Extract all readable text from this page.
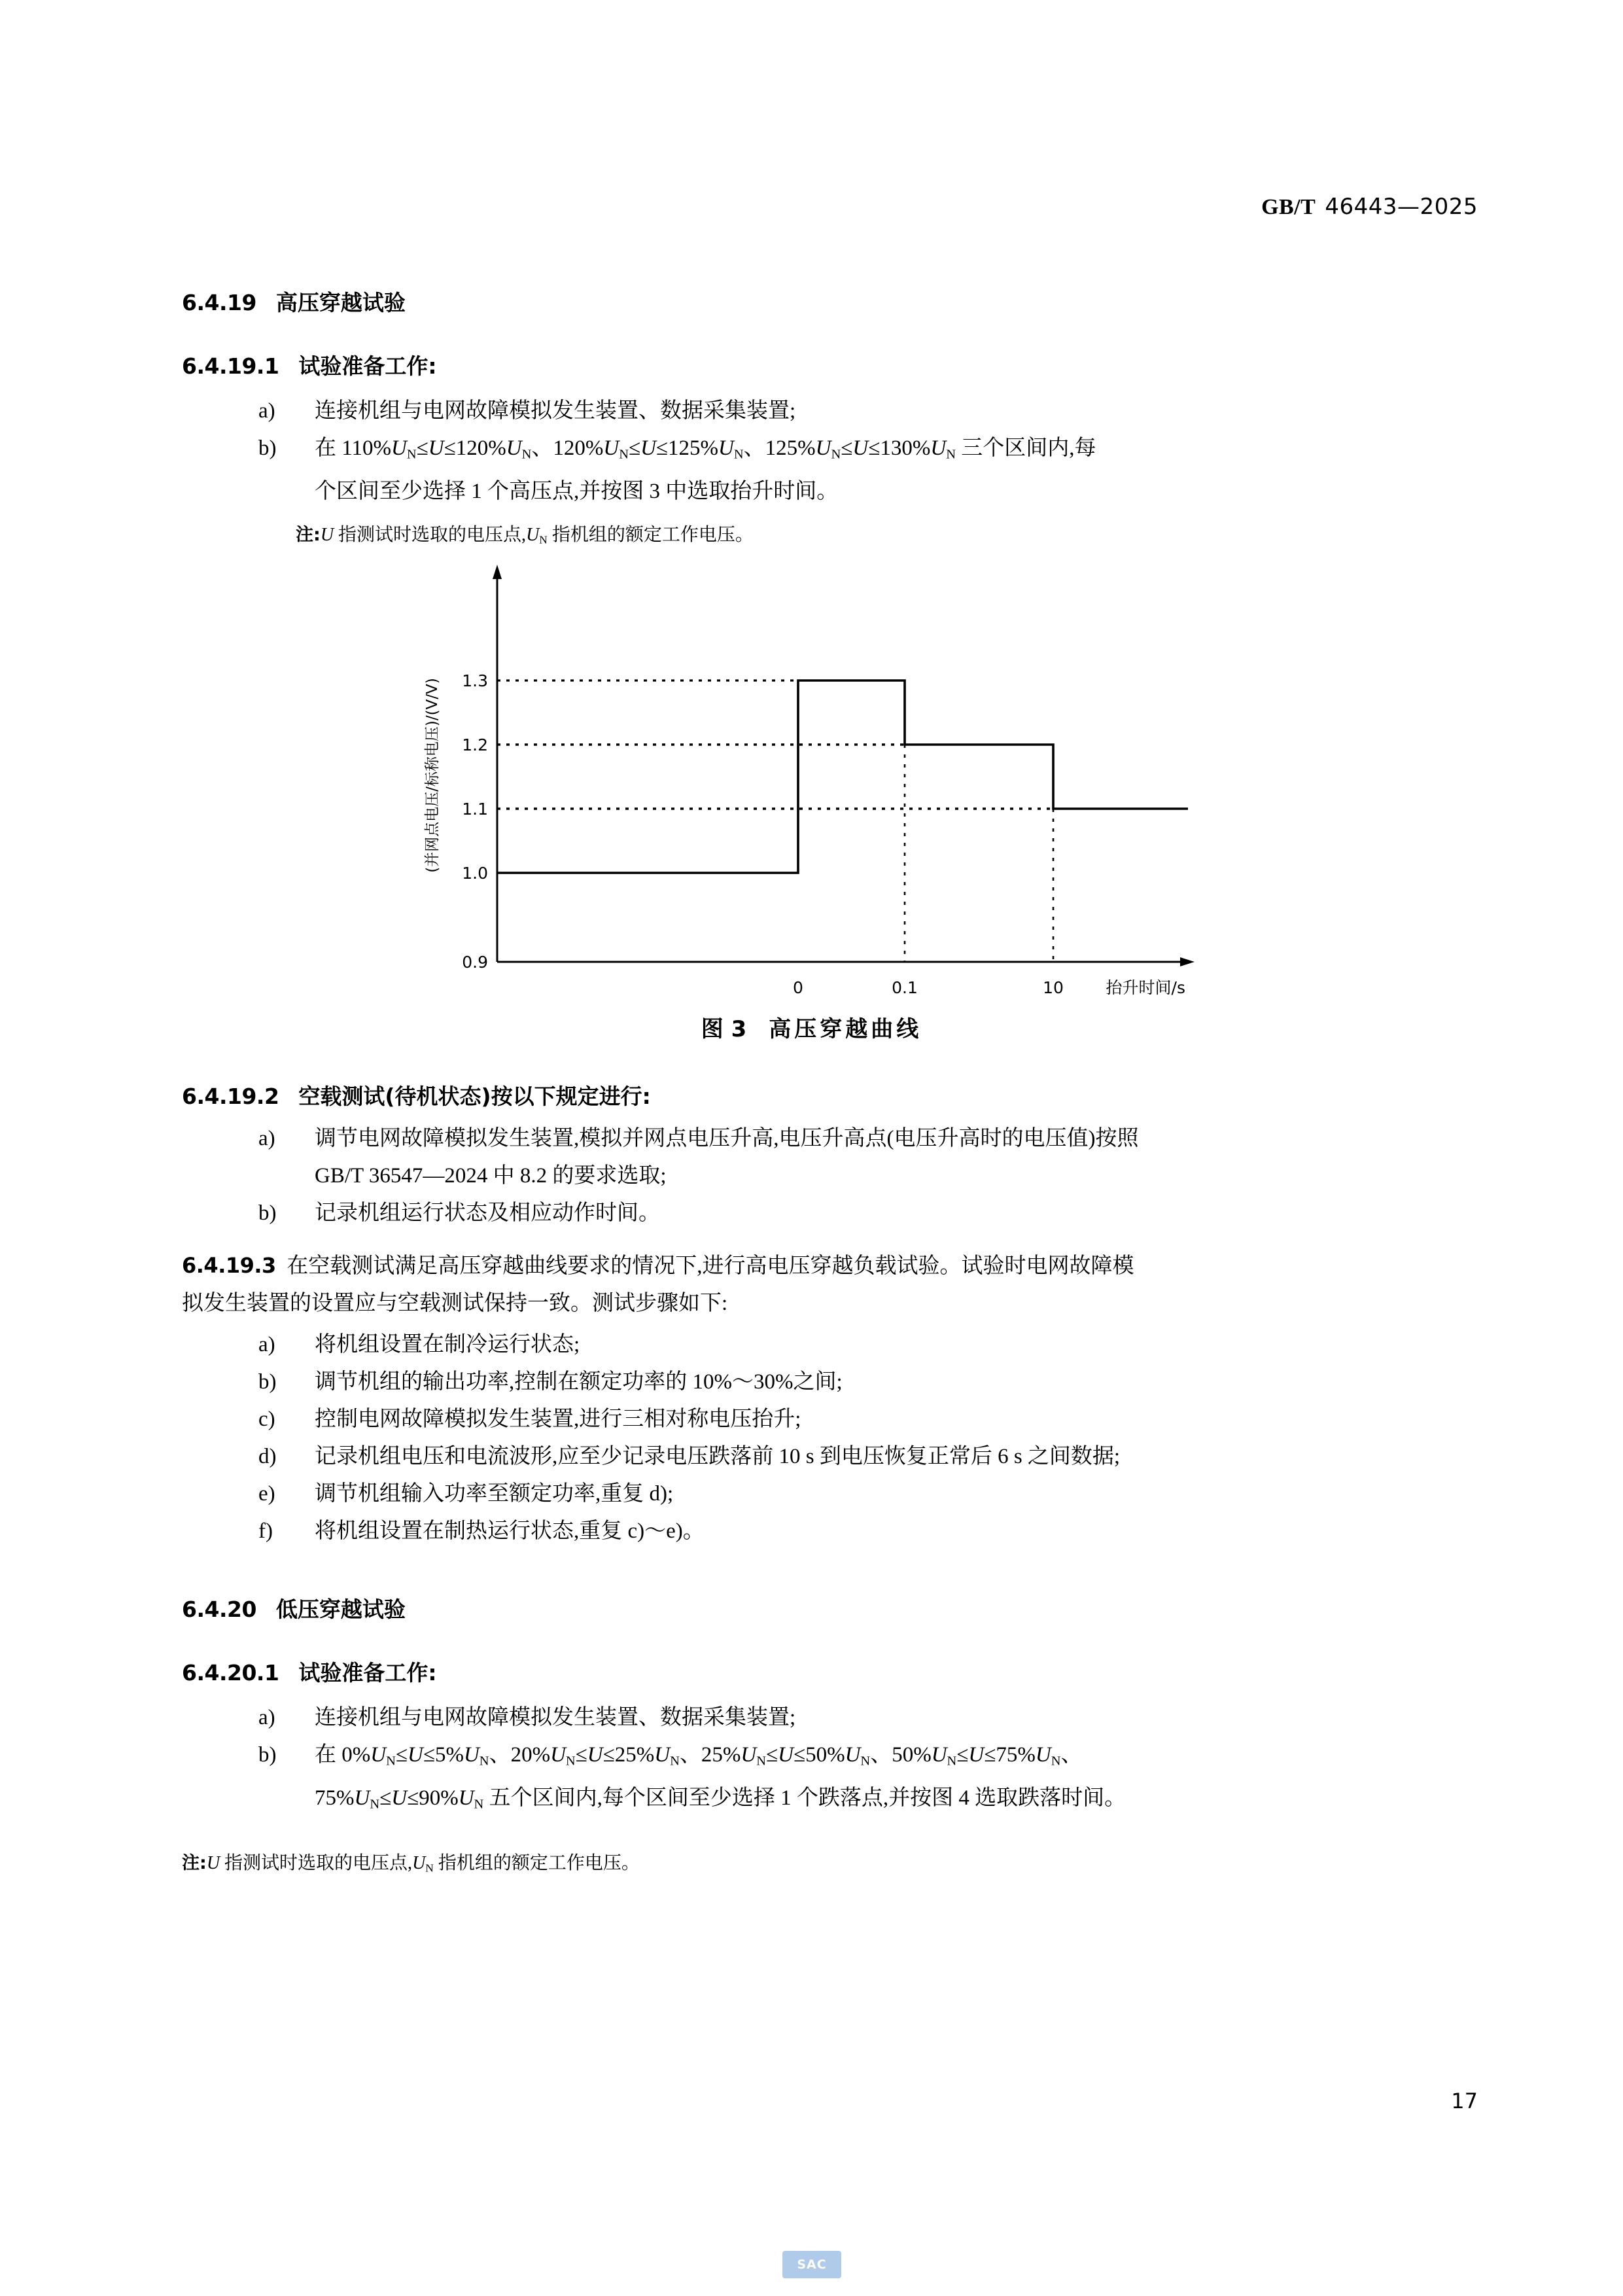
GB/T 46443—2025
6.4.19 高压穿越试验
6.4.19.1 试验准备工作:
a)	连接机组与电网故障模拟发生装置、数据采集装置;
b)	在 $110\%U_N\le U\le 120\%U_N$、$120\%U_N\le U\le 125\%U_N$、$125\%U_N\le U\le 130\%U_N$ 三个区间内,每
个区间至少选择 1 个高压点,并按图 3 中选取抬升时间。
注:U 指测试时选取的电压点$,U_N$ 指机组的额定工作电压。
(并网点电压/标称电压)/(V/V) 1.3
1.2
1.1
1.0
0.9
0	0.1	10	抬升时间/s
图 3 高压穿越曲线
6.4.19.2 空载测试(待机状态)按以下规定进行:
a)	调节电网故障模拟发生装置,模拟并网点电压升高,电压升高点(电压升高时的电压值)按照
GB/T 36547—2024 中 8.2 的要求选取;
b)	记录机组运行状态及相应动作时间。
6.4.19.3 在空载测试满足高压穿越曲线要求的情况下,进行高电压穿越负载试验。试验时电网故障模
拟发生装置的设置应与空载测试保持一致。测试步骤如下:
a)	将机组设置在制冷运行状态;
b)	调节机组的输出功率,控制在额定功率的 10%～30%之间;
c)	控制电网故障模拟发生装置,进行三相对称电压抬升;
d)	记录机组电压和电流波形,应至少记录电压跌落前 10 s 到电压恢复正常后 6 s 之间数据;
e)	调节机组输入功率至额定功率,重复 d);
f)	将机组设置在制热运行状态,重复 c)～e)。
6.4.20 低压穿越试验
6.4.20.1 试验准备工作:
a)	连接机组与电网故障模拟发生装置、数据采集装置;
b)	在 $0\%U_N\le U\le 5\%U_N$、$20\%U_N\le U\le 25\%U_N$、$25\%U_N\le U\le 50\%U_N$、$50\%U_N\le U\le 75\%U_N$、
$75\%U_N\le U\le 90\%U_N$ 五个区间内,每个区间至少选择 1 个跌落点,并按图 4 选取跌落时间。
注:U 指测试时选取的电压点$,U_N$ 指机组的额定工作电压。
17
SAC
